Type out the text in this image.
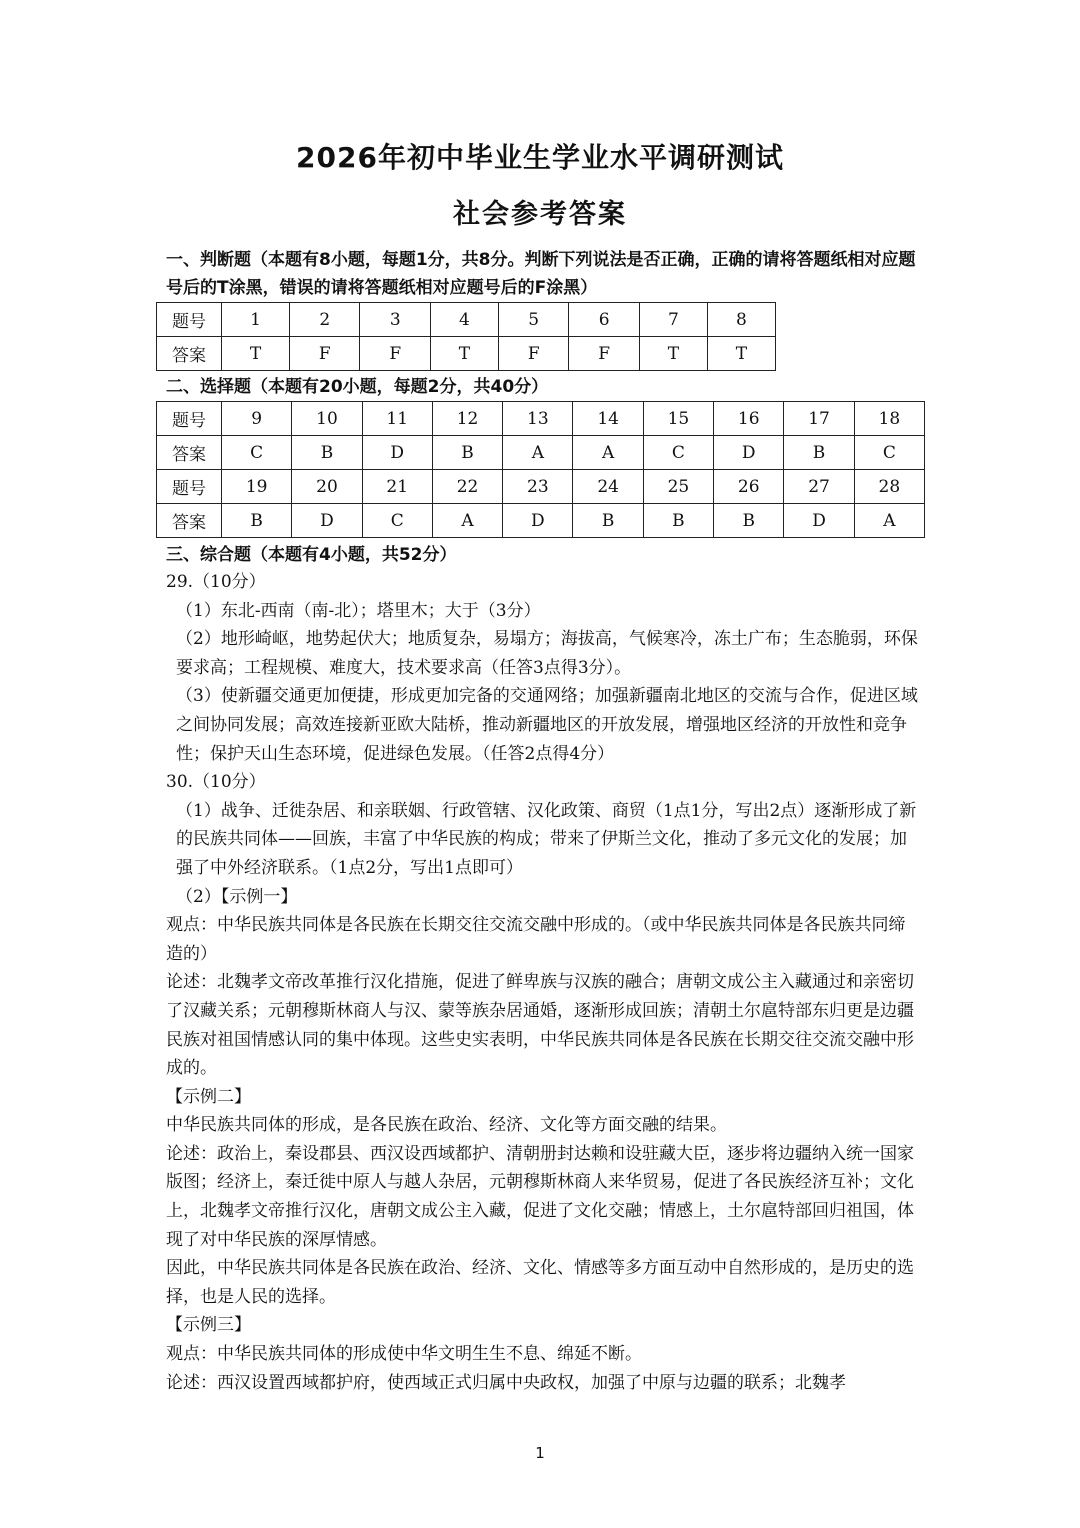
2026年初中毕业生学业水平调研测试
社会参考答案
一、判断题（本题有8小题，每题1分，共8分。判断下列说法是否正确，正确的请将答题纸相对应题号后的T涂黑，错误的请将答题纸相对应题号后的F涂黑）
题号	1	2	3	4	5	6	7	8
答案	T	F	F	T	F	F	T	T
二、选择题（本题有20小题，每题2分，共40分）
题号	9	10	11	12	13	14	15	16	17	18
答案	C	B	D	B	A	A	C	D	B	C
题号	19	20	21	22	23	24	25	26	27	28
答案	B	D	C	A	D	B	B	B	D	A
三、综合题（本题有4小题，共52分）

29.（10分）

（1）东北-西南（南-北）；塔里木；大于（3分）

（2）地形崎岖，地势起伏大；地质复杂，易塌方；海拔高，气候寒冷，冻土广布；生态脆弱，环保要求高；工程规模、难度大，技术要求高（任答3点得3分）。

（3）使新疆交通更加便捷，形成更加完备的交通网络；加强新疆南北地区的交流与合作，促进区域之间协同发展；高效连接新亚欧大陆桥，推动新疆地区的开放发展，增强地区经济的开放性和竞争性；保护天山生态环境，促进绿色发展。（任答2点得4分）

30.（10分）

（1）战争、迁徙杂居、和亲联姻、行政管辖、汉化政策、商贸（1点1分，写出2点）逐渐形成了新的民族共同体——回族，丰富了中华民族的构成；带来了伊斯兰文化，推动了多元文化的发展；加强了中外经济联系。（1点2分，写出1点即可）

（2）【示例一】

观点：中华民族共同体是各民族在长期交往交流交融中形成的。（或中华民族共同体是各民族共同缔造的）

论述：北魏孝文帝改革推行汉化措施，促进了鲜卑族与汉族的融合；唐朝文成公主入藏通过和亲密切了汉藏关系；元朝穆斯林商人与汉、蒙等族杂居通婚，逐渐形成回族；清朝土尔扈特部东归更是边疆民族对祖国情感认同的集中体现。这些史实表明，中华民族共同体是各民族在长期交往交流交融中形成的。

【示例二】

中华民族共同体的形成，是各民族在政治、经济、文化等方面交融的结果。

论述：政治上，秦设郡县、西汉设西域都护、清朝册封达赖和设驻藏大臣，逐步将边疆纳入统一国家版图；经济上，秦迁徙中原人与越人杂居，元朝穆斯林商人来华贸易，促进了各民族经济互补；文化上，北魏孝文帝推行汉化，唐朝文成公主入藏，促进了文化交融；情感上，土尔扈特部回归祖国，体现了对中华民族的深厚情感。

因此，中华民族共同体是各民族在政治、经济、文化、情感等多方面互动中自然形成的，是历史的选择，也是人民的选择。

【示例三】

观点：中华民族共同体的形成使中华文明生生不息、绵延不断。

论述：西汉设置西域都护府，使西域正式归属中央政权，加强了中原与边疆的联系；北魏孝

1
